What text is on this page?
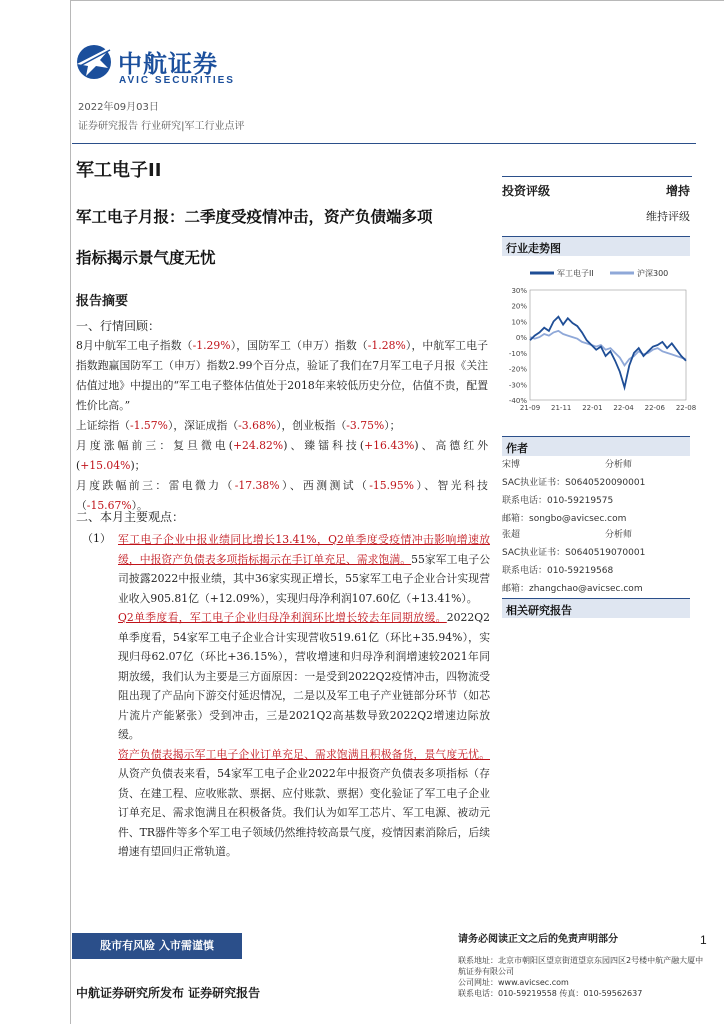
中航证券
AVIC SECURITIES
2022年09月03日
证券研究报告 行业研究|军工行业点评
军工电子II
军工电子月报：二季度受疫情冲击，资产负债端多项
指标揭示景气度无忧
报告摘要
一、行情回顾：

8月中航军工电子指数（-1.29%），国防军工（申万）指数（-1.28%），中航军工电子指数跑赢国防军工（申万）指数2.99个百分点，验证了我们在7月军工电子月报《关注估值过地》中提出的“军工电子整体估值处于2018年来较低历史分位，估值不贵，配置性价比高。”

上证综指（-1.57%），深证成指（-3.68%），创业板指（-3.75%）；

月度涨幅前三：复旦微电(+24.82%)、臻镭科技(+16.43%)、高德红外(+15.04%)；

月度跌幅前三：雷电微力（-17.38%）、西测测试（-15.95%）、智光科技（-15.67%）。

二、本月主要观点：
（1） 军工电子企业中报业绩同比增长13.41%，Q2单季度受疫情冲击影响增速放缓，中报资产负债表多项指标揭示在手订单充足、需求饱满。55家军工电子公司披露2022中报业绩，其中36家实现正增长，55家军工电子企业合计实现营业收入905.81亿（+12.09%），实现归母净利润107.60亿（+13.41%）。

Q2单季度看，军工电子企业归母净利润环比增长较去年同期放缓。2022Q2单季度看，54家军工电子企业合计实现营收519.61亿（环比+35.94%），实现归母62.07亿（环比+36.15%），营收增速和归母净利润增速较2021年同期放缓，我们认为主要是三方面原因：一是受到2022Q2疫情冲击，四物流受阻出现了产品向下游交付延迟情况，二是以及军工电子产业链部分环节（如芯片流片产能紧张）受到冲击，三是2021Q2高基数导致2022Q2增速边际放缓。

资产负债表揭示军工电子企业订单充足、需求饱满且积极备货，景气度无忧。从资产负债表来看，54家军工电子企业2022年中报资产负债表多项指标（存货、在建工程、应收账款、票据、应付账款、票据）变化验证了军工电子企业订单充足、需求饱满且在积极备货。我们认为如军工芯片、军工电源、被动元件、TR器件等多个军工电子领域仍然维持较高景气度，疫情因素消除后，后续增速有望回归正常轨道。

投资评级	增持
维持评级
行业走势图
军工电子II	沪深300
30%
20%
10%
0%
-10%
-20%
-30%
-40%
21-09 21-11 22-01 22-04 22-06 22-08
作者
宋博	分析师
SAC执业证书：S0640520090001
联系电话：010-59219575
邮箱：songbo@avicsec.com
张超	分析师
SAC执业证书：S0640519070001
联系电话：010-59219568
邮箱：zhangchao@avicsec.com
相关研究报告
股市有风险 入市需谨慎
中航证券研究所发布 证券研究报告
请务必阅读正文之后的免责声明部分
联系地址：北京市朝阳区望京街道望京东园四区2号楼中航产融大厦中航证券有限公司
公司网址：www.avicsec.com
联系电话：010-59219558 传真：010-59562637
1
